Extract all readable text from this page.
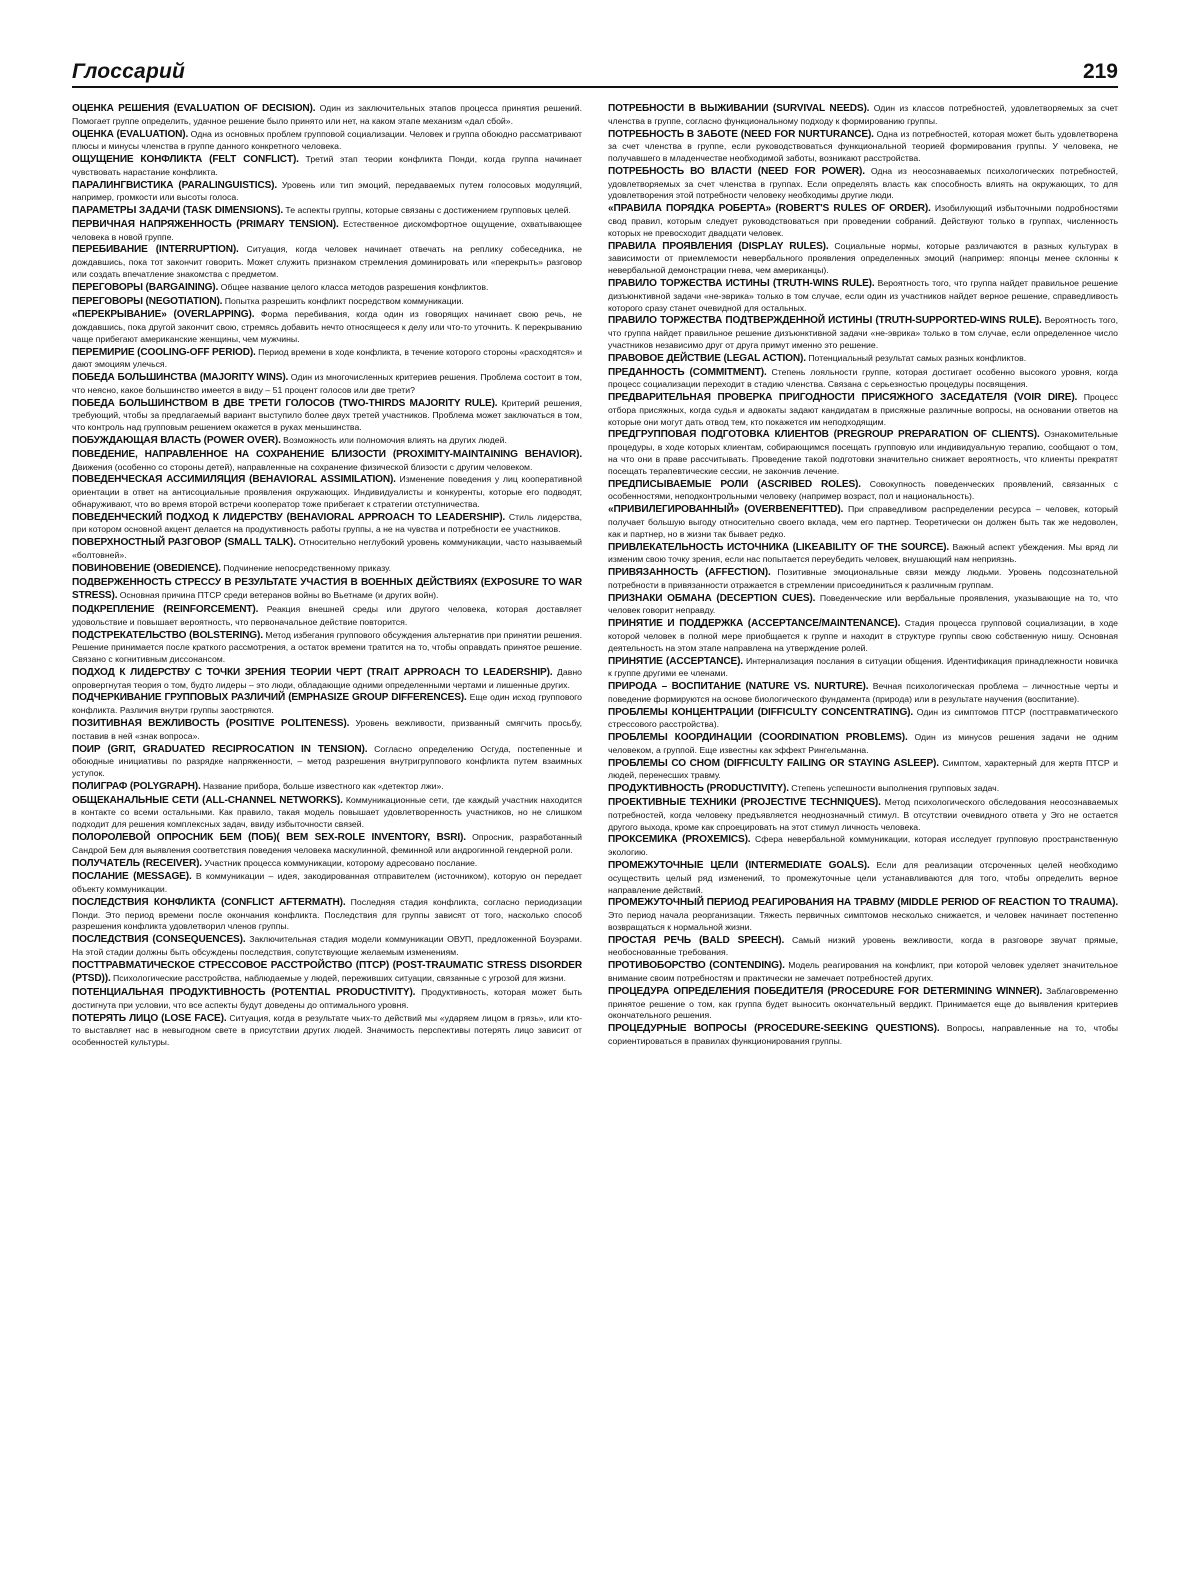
Глоссарий	219
ОЦЕНКА РЕШЕНИЯ (EVALUATION OF DECISION). Один из заключительных этапов процесса принятия решений. Помогает группе определить, удачное решение было принято или нет, на каком этапе механизм «дал сбой».
ОЦЕНКА (EVALUATION). Одна из основных проблем групповой социализации. Человек и группа обоюдно рассматривают плюсы и минусы членства в группе данного конкретного человека.
ОЩУЩЕНИЕ КОНФЛИКТА (FELT CONFLICT). Третий этап теории конфликта Понди, когда группа начинает чувствовать нарастание конфликта.
ПАРАЛИНГВИСТИКА (PARALINGUISTICS). Уровень или тип эмоций, передаваемых путем голосовых модуляций, например, громкости или высоты голоса.
ПАРАМЕТРЫ ЗАДАЧИ (TASK DIMENSIONS). Те аспекты группы, которые связаны с достижением групповых целей.
ПЕРВИЧНАЯ НАПРЯЖЕННОСТЬ (PRIMARY TENSION). Естественное дискомфортное ощущение, охватывающее человека в новой группе.
ПЕРЕБИВАНИЕ (INTERRUPTION). Ситуация, когда человек начинает отвечать на реплику собеседника, не дождавшись, пока тот закончит говорить. Может служить признаком стремления доминировать или «перекрыть» разговор или создать впечатление знакомства с предметом.
ПЕРЕГОВОРЫ (BARGAINING). Общее название целого класса методов разрешения конфликтов.
ПЕРЕГОВОРЫ (NEGOTIATION). Попытка разрешить конфликт посредством коммуникации.
«ПЕРЕКРЫВАНИЕ» (OVERLAPPING). Форма перебивания, когда один из говорящих начинает свою речь, не дождавшись, пока другой закончит свою, стремясь добавить нечто относящееся к делу или что-то уточнить. К перекрыванию чаще прибегают американские женщины, чем мужчины.
ПЕРЕМИРИЕ (COOLING-OFF PERIOD). Период времени в ходе конфликта, в течение которого стороны «расходятся» и дают эмоциям улечься.
ПОБЕДА БОЛЬШИНСТВА (MAJORITY WINS). Один из многочисленных критериев решения. Проблема состоит в том, что неясно, какое большинство имеется в виду – 51 процент голосов или две трети?
ПОБЕДА БОЛЬШИНСТВОМ В ДВЕ ТРЕТИ ГОЛОСОВ (TWO-THIRDS MAJORITY RULE). Критерий решения, требующий, чтобы за предлагаемый вариант выступило более двух третей участников. Проблема может заключаться в том, что контроль над групповым решением окажется в руках меньшинства.
ПОБУЖДАЮЩАЯ ВЛАСТЬ (POWER OVER). Возможность или полномочия влиять на других людей.
ПОВЕДЕНИЕ, НАПРАВЛЕННОЕ НА СОХРАНЕНИЕ БЛИЗОСТИ (PROXIMITY-MAINTAINING BEHAVIOR). Движения (особенно со стороны детей), направленные на сохранение физической близости с другим человеком.
ПОВЕДЕНЧЕСКАЯ АССИМИЛЯЦИЯ (BEHAVIORAL ASSIMILATION). Изменение поведения у лиц кооперативной ориентации в ответ на антисоциальные проявления окружающих. Индивидуалисты и конкуренты, которые его подводят, обнаруживают, что во время второй встречи кооператор тоже прибегает к стратегии отступничества.
ПОВЕДЕНЧЕСКИЙ ПОДХОД К ЛИДЕРСТВУ (BEHAVIORAL APPROACH TO LEADERSHIP). Стиль лидерства, при котором основной акцент делается на продуктивность работы группы, а не на чувства и потребности ее участников.
ПОВЕРХНОСТНЫЙ РАЗГОВОР (SMALL TALK). Относительно неглубокий уровень коммуникации, часто называемый «болтовней».
ПОВИНОВЕНИЕ (OBEDIENCE). Подчинение непосредственному приказу.
ПОДВЕРЖЕННОСТЬ СТРЕССУ В РЕЗУЛЬТАТЕ УЧАСТИЯ В ВОЕННЫХ ДЕЙСТВИЯХ (EXPOSURE TO WAR STRESS). Основная причина ПТСР среди ветеранов войны во Вьетнаме (и других войн).
ПОДКРЕПЛЕНИЕ (REINFORCEMENT). Реакция внешней среды или другого человека, которая доставляет удовольствие и повышает вероятность, что первоначальное действие повторится.
ПОДСТРЕКАТЕЛЬСТВО (BOLSTERING). Метод избегания группового обсуждения альтернатив при принятии решения. Решение принимается после краткого рассмотрения, а остаток времени тратится на то, чтобы оправдать принятое решение. Связано с когнитивным диссонансом.
ПОДХОД К ЛИДЕРСТВУ С ТОЧКИ ЗРЕНИЯ ТЕОРИИ ЧЕРТ (TRAIT APPROACH TO LEADERSHIP). Давно опровергнутая теория о том, будто лидеры – это люди, обладающие одними определенными чертами и лишенные других.
ПОДЧЕРКИВАНИЕ ГРУППОВЫХ РАЗЛИЧИЙ (EMPHASIZE GROUP DIFFERENCES). Еще один исход группового конфликта. Различия внутри группы заостряются.
ПОЗИТИВНАЯ ВЕЖЛИВОСТЬ (POSITIVE POLITENESS). Уровень вежливости, призванный смягчить просьбу, поставив в ней «знак вопроса».
ПОИР (GRIT, GRADUATED RECIPROCATION IN TENSION). Согласно определению Осгуда, постепенные и обоюдные инициативы по разрядке напряженности, – метод разрешения внутригруппового конфликта путем взаимных уступок.
ПОЛИГРАФ (POLYGRAPH). Название прибора, больше известного как «детектор лжи».
ОБЩЕКАНАЛЬНЫЕ СЕТИ (ALL-CHANNEL NETWORKS). Коммуникационные сети, где каждый участник находится в контакте со всеми остальными. Как правило, такая модель повышает удовлетворенность участников, но не слишком подходит для решения комплексных задач, ввиду избыточности связей.
ПОЛОРОЛЕВОЙ ОПРОСНИК БЕМ (ПОБ)( BEM SEX-ROLE INVENTORY, BSRI). Опросник, разработанный Сандрой Бем для выявления соответствия поведения человека маскулинной, феминной или андрогинной гендерной роли.
ПОЛУЧАТЕЛЬ (RECEIVER). Участник процесса коммуникации, которому адресовано послание.
ПОСЛАНИЕ (MESSAGE). В коммуникации – идея, закодированная отправителем (источником), которую он передает объекту коммуникации.
ПОСЛЕДСТВИЯ КОНФЛИКТА (CONFLICT AFTERMATH). Последняя стадия конфликта, согласно периодизации Понди. Это период времени после окончания конфликта. Последствия для группы зависят от того, насколько способ разрешения конфликта удовлетворил членов группы.
ПОСЛЕДСТВИЯ (CONSEQUENCES). Заключительная стадия модели коммуникации ОВУП, предложенной Боуэрами. На этой стадии должны быть обсуждены последствия, сопутствующие желаемым изменениям.
ПОСТТРАВМАТИЧЕСКОЕ СТРЕССОВОЕ РАССТРОЙСТВО (ПТСР) (POST-TRAUMATIC STRESS DISORDER (PTSD)). Психологические расстройства, наблюдаемые у людей, переживших ситуации, связанные с угрозой для жизни.
ПОТЕНЦИАЛЬНАЯ ПРОДУКТИВНОСТЬ (POTENTIAL PRODUCTIVITY). Продуктивность, которая может быть достигнута при условии, что все аспекты будут доведены до оптимального уровня.
ПОТЕРЯТЬ ЛИЦО (LOSE FACE). Ситуация, когда в результате чьих-то действий мы «ударяем лицом в грязь», или кто-то выставляет нас в невыгодном свете в присутствии других людей. Значимость перспективы потерять лицо зависит от особенностей культуры.
ПОТРЕБНОСТИ В ВЫЖИВАНИИ (SURVIVAL NEEDS). Один из классов потребностей, удовлетворяемых за счет членства в группе, согласно функциональному подходу к формированию группы.
ПОТРЕБНОСТЬ В ЗАБОТЕ (NEED FOR NURTURANCE). Одна из потребностей, которая может быть удовлетворена за счет членства в группе, если руководствоваться функциональной теорией формирования группы. У человека, не получавшего в младенчестве необходимой заботы, возникают расстройства.
ПОТРЕБНОСТЬ ВО ВЛАСТИ (NEED FOR POWER). Одна из неосознаваемых психологических потребностей, удовлетворяемых за счет членства в группах. Если определять власть как способность влиять на окружающих, то для удовлетворения этой потребности человеку необходимы другие люди.
«ПРАВИЛА ПОРЯДКА РОБЕРТА» (ROBERT'S RULES OF ORDER). Изобилующий избыточными подробностями свод правил, которым следует руководствоваться при проведении собраний. Действуют только в группах, численность которых не превосходит двадцати человек.
ПРАВИЛА ПРОЯВЛЕНИЯ (DISPLAY RULES). Социальные нормы, которые различаются в разных культурах в зависимости от приемлемости невербального проявления определенных эмоций (например: японцы менее склонны к невербальной демонстрации гнева, чем американцы).
ПРАВИЛО ТОРЖЕСТВА ИСТИНЫ (TRUTH-WINS RULE). Вероятность того, что группа найдет правильное решение дизъюнктивной задачи «не-эврика» только в том случае, если один из участников найдет верное решение, справедливость которого сразу станет очевидной для остальных.
ПРАВИЛО ТОРЖЕСТВА ПОДТВЕРЖДЕННОЙ ИСТИНЫ (TRUTH-SUPPORTED-WINS RULE). Вероятность того, что группа найдет правильное решение дизъюнктивной задачи «не-эврика» только в том случае, если определенное число участников независимо друг от друга примут именно это решение.
ПРАВОВОЕ ДЕЙСТВИЕ (LEGAL ACTION). Потенциальный результат самых разных конфликтов.
ПРЕДАННОСТЬ (COMMITMENT). Степень лояльности группе, которая достигает особенно высокого уровня, когда процесс социализации переходит в стадию членства. Связана с серьезностью процедуры посвящения.
ПРЕДВАРИТЕЛЬНАЯ ПРОВЕРКА ПРИГОДНОСТИ ПРИСЯЖНОГО ЗАСЕДАТЕЛЯ (VOIR DIRE). Процесс отбора присяжных, когда судья и адвокаты задают кандидатам в присяжные различные вопросы, на основании ответов на которые они могут дать отвод тем, кто покажется им неподходящим.
ПРЕДГРУППОВАЯ ПОДГОТОВКА КЛИЕНТОВ (PREGROUP PREPARATION OF CLIENTS). Ознакомительные процедуры, в ходе которых клиентам, собирающимся посещать групповую или индивидуальную терапию, сообщают о том, на что они в праве рассчитывать. Проведение такой подготовки значительно снижает вероятность, что клиенты прекратят посещать терапевтические сессии, не закончив лечение.
ПРЕДПИСЫВАЕМЫЕ РОЛИ (ASCRIBED ROLES). Совокупность поведенческих проявлений, связанных с особенностями, неподконтрольными человеку (например возраст, пол и национальность).
«ПРИВИЛЕГИРОВАННЫЙ» (OVERBENEFITTED). При справедливом распределении ресурса – человек, который получает большую выгоду относительно своего вклада, чем его партнер. Теоретически он должен быть так же недоволен, как и партнер, но в жизни так бывает редко.
ПРИВЛЕКАТЕЛЬНОСТЬ ИСТОЧНИКА (LIKEABILITY OF THE SOURCE). Важный аспект убеждения. Мы вряд ли изменим свою точку зрения, если нас попытается переубедить человек, внушающий нам неприязнь.
ПРИВЯЗАННОСТЬ (AFFECTION). Позитивные эмоциональные связи между людьми. Уровень подсознательной потребности в привязанности отражается в стремлении присоединиться к различным группам.
ПРИЗНАКИ ОБМАНА (DECEPTION CUES). Поведенческие или вербальные проявления, указывающие на то, что человек говорит неправду.
ПРИНЯТИЕ И ПОДДЕРЖКА (ACCEPTANCE/MAINTENANCE). Стадия процесса групповой социализации, в ходе которой человек в полной мере приобщается к группе и находит в структуре группы свою собственную нишу. Основная деятельность на этом этапе направлена на утверждение ролей.
ПРИНЯТИЕ (ACCEPTANCE). Интернализация послания в ситуации общения. Идентификация принадлежности новичка к группе другими ее членами.
ПРИРОДА – ВОСПИТАНИЕ (NATURE VS. NURTURE). Вечная психологическая проблема – личностные черты и поведение формируются на основе биологического фундамента (природа) или в результате научения (воспитание).
ПРОБЛЕМЫ КОНЦЕНТРАЦИИ (DIFFICULTY CONCENTRATING). Один из симптомов ПТСР (посттравматического стрессового расстройства).
ПРОБЛЕМЫ КООРДИНАЦИИ (COORDINATION PROBLEMS). Один из минусов решения задачи не одним человеком, а группой. Еще известны как эффект Рингельманна.
ПРОБЛЕМЫ СО СНОМ (DIFFICULTY FAILING OR STAYING ASLEEP). Симптом, характерный для жертв ПТСР и людей, перенесших травму.
ПРОДУКТИВНОСТЬ (PRODUCTIVITY). Степень успешности выполнения групповых задач.
ПРОЕКТИВНЫЕ ТЕХНИКИ (PROJECTIVE TECHNIQUES). Метод психологического обследования неосознаваемых потребностей, когда человеку предъявляется неоднозначный стимул. В отсутствии очевидного ответа у Эго не остается другого выхода, кроме как спроецировать на этот стимул личность человека.
ПРОКСЕМИКА (PROXEMICS). Сфера невербальной коммуникации, которая исследует групповую пространственную экологию.
ПРОМЕЖУТОЧНЫЕ ЦЕЛИ (INTERMEDIATE GOALS). Если для реализации отсроченных целей необходимо осуществить целый ряд изменений, то промежуточные цели устанавливаются для того, чтобы определить верное направление действий.
ПРОМЕЖУТОЧНЫЙ ПЕРИОД РЕАГИРОВАНИЯ НА ТРАВМУ (MIDDLE PERIOD OF REACTION TO TRAUMA). Это период начала реорганизации. Тяжесть первичных симптомов несколько снижается, и человек начинает постепенно возвращаться к нормальной жизни.
ПРОСТАЯ РЕЧЬ (BALD SPEECH). Самый низкий уровень вежливости, когда в разговоре звучат прямые, необоснованные требования.
ПРОТИВОБОРСТВО (CONTENDING). Модель реагирования на конфликт, при которой человек уделяет значительное внимание своим потребностям и практически не замечает потребностей других.
ПРОЦЕДУРА ОПРЕДЕЛЕНИЯ ПОБЕДИТЕЛЯ (PROCEDURE FOR DETERMINING WINNER). Заблаговременно принятое решение о том, как группа будет выносить окончательный вердикт. Принимается еще до выявления критериев окончательного решения.
ПРОЦЕДУРНЫЕ ВОПРОСЫ (PROCEDURE-SEEKING QUESTIONS). Вопросы, направленные на то, чтобы сориентироваться в правилах функционирования группы.
